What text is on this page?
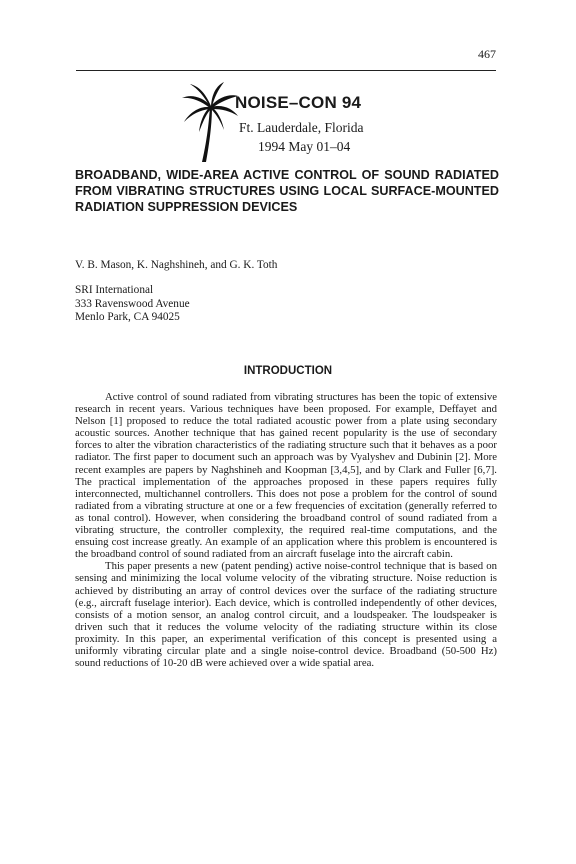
467
NOISE–CON 94
Ft. Lauderdale, Florida
1994 May 01–04
BROADBAND, WIDE-AREA ACTIVE CONTROL OF SOUND RADIATED FROM VIBRATING STRUCTURES USING LOCAL SURFACE-MOUNTED RADIATION SUPPRESSION DEVICES
V. B. Mason, K. Naghshineh, and G. K. Toth
SRI International
333 Ravenswood Avenue
Menlo Park, CA 94025
INTRODUCTION

Active control of sound radiated from vibrating structures has been the topic of extensive research in recent years. Various techniques have been proposed. For example, Deffayet and Nelson [1] proposed to reduce the total radiated acoustic power from a plate using secondary acoustic sources. Another technique that has gained recent popularity is the use of secondary forces to alter the vibration characteristics of the radiating structure such that it behaves as a poor radiator. The first paper to document such an approach was by Vyalyshev and Dubinin [2]. More recent examples are papers by Naghshineh and Koopman [3,4,5], and by Clark and Fuller [6,7]. The practical implementation of the approaches proposed in these papers requires fully interconnected, multichannel controllers. This does not pose a problem for the control of sound radiated from a vibrating structure at one or a few frequencies of excitation (generally referred to as tonal control). However, when considering the broadband control of sound radiated from a vibrating structure, the controller complexity, the required real-time computations, and the ensuing cost increase greatly. An example of an application where this problem is encountered is the broadband control of sound radiated from an aircraft fuselage into the aircraft cabin.

This paper presents a new (patent pending) active noise-control technique that is based on sensing and minimizing the local volume velocity of the vibrating structure. Noise reduction is achieved by distributing an array of control devices over the surface of the radiating structure (e.g., aircraft fuselage interior). Each device, which is controlled independently of other devices, consists of a motion sensor, an analog control circuit, and a loudspeaker. The loudspeaker is driven such that it reduces the volume velocity of the radiating structure within its close proximity. In this paper, an experimental verification of this concept is presented using a uniformly vibrating circular plate and a single noise-control device. Broadband (50-500 Hz) sound reductions of 10-20 dB were achieved over a wide spatial area.
